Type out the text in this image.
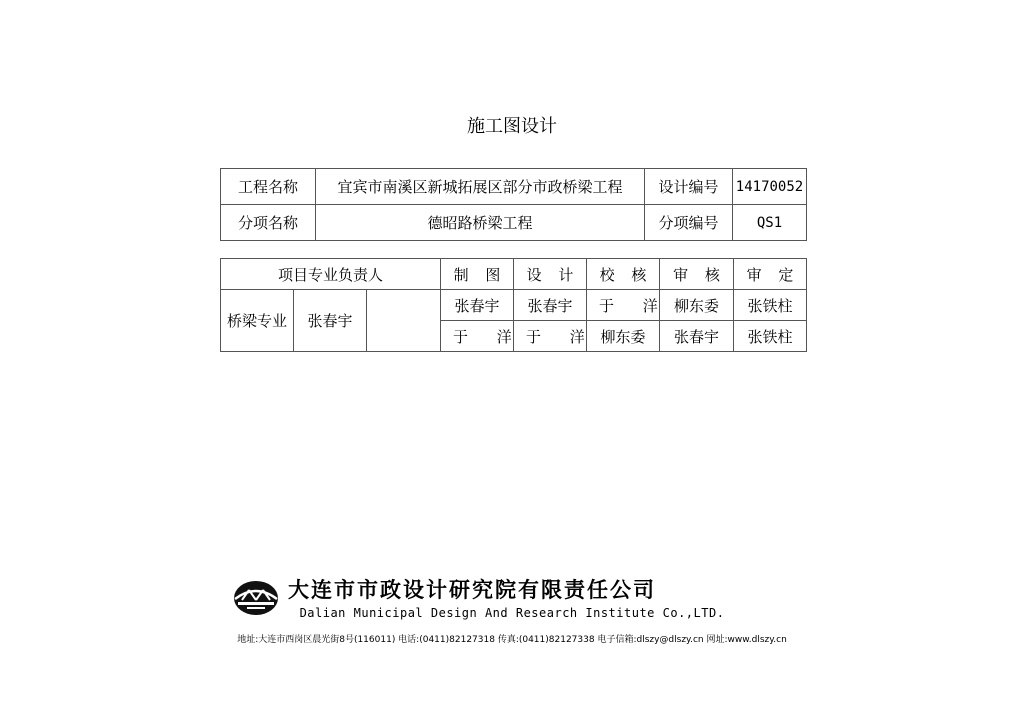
施工图设计
工程名称	宜宾市南溪区新城拓展区部分市政桥梁工程	设计编号	14170052
分项名称	德昭路桥梁工程	分项编号	QS1
项目专业负责人			制 图	设 计	校 核	审 核	审 定
桥梁专业	张春宇		张春宇	张春宇	于 洋	柳东委	张铁柱
			于 洋	于 洋	柳东委	张春宇	张铁柱
大连市市政设计研究院有限责任公司
Dalian Municipal Design And Research Institute Co.,LTD.
地址:大连市西岗区晨光街8号(116011) 电话:(0411)82127318 传真:(0411)82127338 电子信箱:dlszy@dlszy.cn 网址:www.dlszy.cn
